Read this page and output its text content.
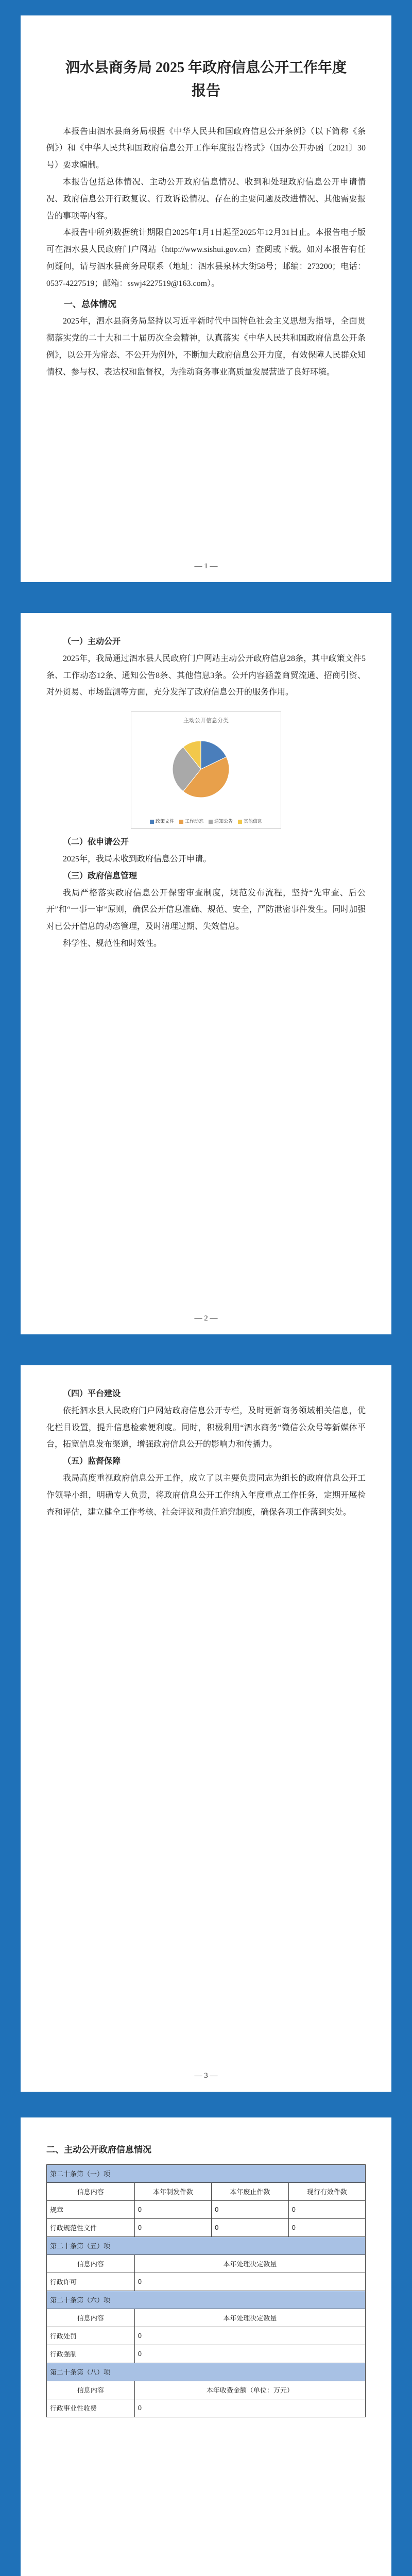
泗水县商务局 2025 年政府信息公开工作年度
报告

本报告由泗水县商务局根据《中华人民共和国政府信息公开条例》（以下简称《条例》）和《中华人民共和国政府信息公开工作年度报告格式》（国办公开办函〔2021〕30号）要求编制。

本报告包括总体情况、主动公开政府信息情况、收到和处理政府信息公开申请情况、政府信息公开行政复议、行政诉讼情况、存在的主要问题及改进情况、其他需要报告的事项等内容。

本报告中所列数据统计期限自2025年1月1日起至2025年12月31日止。本报告电子版可在泗水县人民政府门户网站（http://www.sishui.gov.cn）查阅或下载。如对本报告有任何疑问，请与泗水县商务局联系（地址：泗水县泉林大街58号；邮编：273200；电话：0537-4227519；邮箱：sswj4227519@163.com）。

一、总体情况

2025年，泗水县商务局坚持以习近平新时代中国特色社会主义思想为指导，全面贯彻落实党的二十大和二十届历次全会精神，认真落实《中华人民共和国政府信息公开条例》，以公开为常态、不公开为例外，不断加大政府信息公开力度，有效保障人民群众知情权、参与权、表达权和监督权，为推动商务事业高质量发展营造了良好环境。

— 1 —

（一）主动公开

2025年，我局通过泗水县人民政府门户网站主动公开政府信息28条，其中政策文件5条、工作动态12条、通知公告8条、其他信息3条。公开内容涵盖商贸流通、招商引资、对外贸易、市场监测等方面，充分发挥了政府信息公开的服务作用。

主动公开信息分类
政策文件	工作动态	通知公告	其他信息

（二）依申请公开

2025年，我局未收到政府信息公开申请。

（三）政府信息管理

我局严格落实政府信息公开保密审查制度，规范发布流程，坚持“先审查、后公开”和“一事一审”原则，确保公开信息准确、规范、安全，严防泄密事件发生。同时加强对已公开信息的动态管理，及时清理过期、失效信息。

科学性、规范性和时效性。

— 2 —

（四）平台建设

依托泗水县人民政府门户网站政府信息公开专栏，及时更新商务领域相关信息，优化栏目设置，提升信息检索便利度。同时，积极利用“泗水商务”微信公众号等新媒体平台，拓宽信息发布渠道，增强政府信息公开的影响力和传播力。

（五）监督保障

我局高度重视政府信息公开工作，成立了以主要负责同志为组长的政府信息公开工作领导小组，明确专人负责，将政府信息公开工作纳入年度重点工作任务，定期开展检查和评估，建立健全工作考核、社会评议和责任追究制度，确保各项工作落到实处。

— 3 —

二、主动公开政府信息情况

第二十条第（一）项			
信息内容	本年制发件数	本年废止件数	现行有效件数
规章	0	0	0
行政规范性文件	0	0	0
第二十条第（五）项			
信息内容	本年处理决定数量		
行政许可	0		
第二十条第（六）项			
信息内容	本年处理决定数量		
行政处罚	0		
行政强制	0		
第二十条第（八）项			
信息内容	本年收费金额（单位：万元）		
行政事业性收费	0		
